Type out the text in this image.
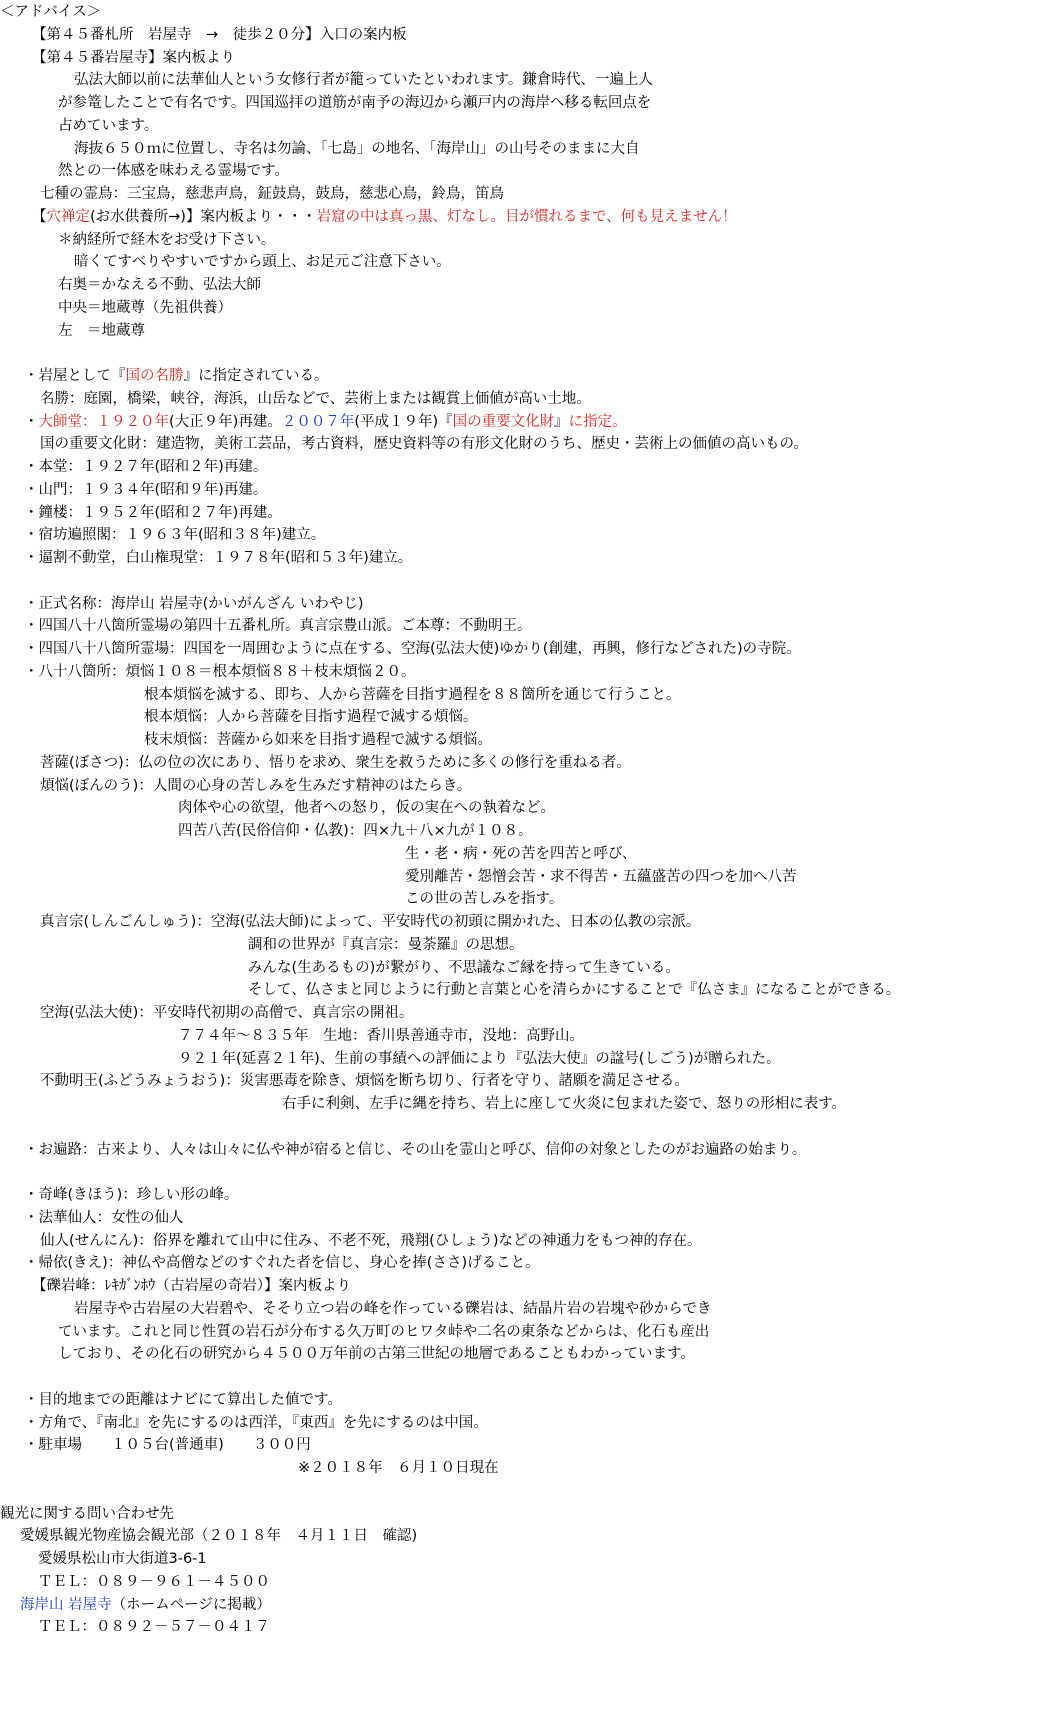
＜アドバイス＞
【第４５番札所　岩屋寺　→　徒歩２０分】入口の案内板
【第４５番岩屋寺】案内板より
弘法大師以前に法華仙人という女修行者が籠っていたといわれます。鎌倉時代、一遍上人
が参篭したことで有名です。四国巡拝の道筋が南予の海辺から瀬戸内の海岸へ移る転回点を
占めています。
海抜６５０ｍに位置し、寺名は勿論、「七島」の地名、「海岸山」の山号そのままに大自
然との一体感を味わえる霊場です。
七種の霊鳥：三宝鳥，慈悲声鳥，鉦鼓鳥，鼓鳥，慈悲心鳥，鈴鳥，笛鳥
【穴禅定(お水供養所→)】案内板より・・・岩窟の中は真っ黒、灯なし。目が慣れるまで、何も見えません！
＊納経所で経木をお受け下さい。
暗くてすべりやすいですから頭上、お足元ご注意下さい。
右奥＝かなえる不動、弘法大師
中央＝地蔵尊（先祖供養）
左　＝地蔵尊
・岩屋として『国の名勝』に指定されている。
名勝：庭園，橋梁，峡谷，海浜，山岳などで、芸術上または観賞上価値が高い土地。
・大師堂：１９２０年(大正９年)再建。２００７年(平成１９年)『国の重要文化財』に指定。
国の重要文化財：建造物，美術工芸品，考古資料，歴史資料等の有形文化財のうち、歴史・芸術上の価値の高いもの。
・本堂：１９２７年(昭和２年)再建。
・山門：１９３４年(昭和９年)再建。
・鐘楼：１９５２年(昭和２７年)再建。
・宿坊遍照閣：１９６３年(昭和３８年)建立。
・逼割不動堂，白山権現堂：１９７８年(昭和５３年)建立。
・正式名称：海岸山 岩屋寺(かいがんざん いわやじ)
・四国八十八箇所霊場の第四十五番札所。真言宗豊山派。ご本尊：不動明王。
・四国八十八箇所霊場：四国を一周囲むように点在する、空海(弘法大使)ゆかり(創建，再興，修行などされた)の寺院。
・八十八箇所：煩悩１０８＝根本煩悩８８＋枝末煩悩２０。
根本煩悩を滅する、即ち、人から菩薩を目指す過程を８８箇所を通じて行うこと。
根本煩悩：人から菩薩を目指す過程で滅する煩悩。
枝末煩悩：菩薩から如来を目指す過程で滅する煩悩。
菩薩(ぼさつ)：仏の位の次にあり、悟りを求め、衆生を救うために多くの修行を重ねる者。
煩悩(ぼんのう)：人間の心身の苦しみを生みだす精神のはたらき。
肉体や心の欲望，他者への怒り，仮の実在への執着など。
四苦八苦(民俗信仰・仏教)：四×九＋八×九が１０８。
生・老・病・死の苦を四苦と呼び、
愛別離苦・怨憎会苦・求不得苦・五蘊盛苦の四つを加へ八苦
この世の苦しみを指す。
真言宗(しんごんしゅう)：空海(弘法大師)によって、平安時代の初頭に開かれた、日本の仏教の宗派。
調和の世界が『真言宗：曼荼羅』の思想。
みんな(生あるもの)が繋がり、不思議なご縁を持って生きている。
そして、仏さまと同じように行動と言葉と心を清らかにすることで『仏さま』になることができる。
空海(弘法大使)：平安時代初期の高僧で、真言宗の開祖。
７７４年～８３５年　生地：香川県善通寺市，没地：高野山。
９２１年(延喜２１年)、生前の事績への評価により『弘法大使』の諡号(しごう)が贈られた。
不動明王(ふどうみょうおう)：災害悪毒を除き、煩悩を断ち切り、行者を守り、諸願を満足させる。
右手に利剣、左手に縄を持ち、岩上に座して火炎に包まれた姿で、怒りの形相に表す。
・お遍路：古来より、人々は山々に仏や神が宿ると信じ、その山を霊山と呼び、信仰の対象としたのがお遍路の始まり。
・奇峰(きほう)：珍しい形の峰。
・法華仙人：女性の仙人
仙人(せんにん)：俗界を離れて山中に住み、不老不死，飛翔(ひしょう)などの神通力をもつ神的存在。
・帰依(きえ)：神仏や高僧などのすぐれた者を信じ、身心を捧(ささ)げること。
【礫岩峰：ﾚｷｶﾞﾝﾎｳ（古岩屋の奇岩）】案内板より
岩屋寺や古岩屋の大岩碧や、そそり立つ岩の峰を作っている礫岩は、結晶片岩の岩塊や砂からでき
ています。これと同じ性質の岩石が分布する久万町のヒワタ峠や二名の東条などからは、化石も産出
しており、その化石の研究から４５００万年前の古第三世紀の地層であることもわかっています。
・目的地までの距離はナビにて算出した値です。
・方角で、『南北』を先にするのは西洋，『東西』を先にするのは中国。
・駐車場　　１０５台(普通車)　　３００円
※２０１８年　６月１０日現在
観光に関する問い合わせ先
愛媛県観光物産協会観光部（２０１８年　４月１１日　確認)
愛媛県松山市大街道3-6-1
ＴＥＬ：０８９－９６１－４５００
海岸山 岩屋寺（ホームページに掲載）
ＴＥＬ：０８９２－５７－０４１７
